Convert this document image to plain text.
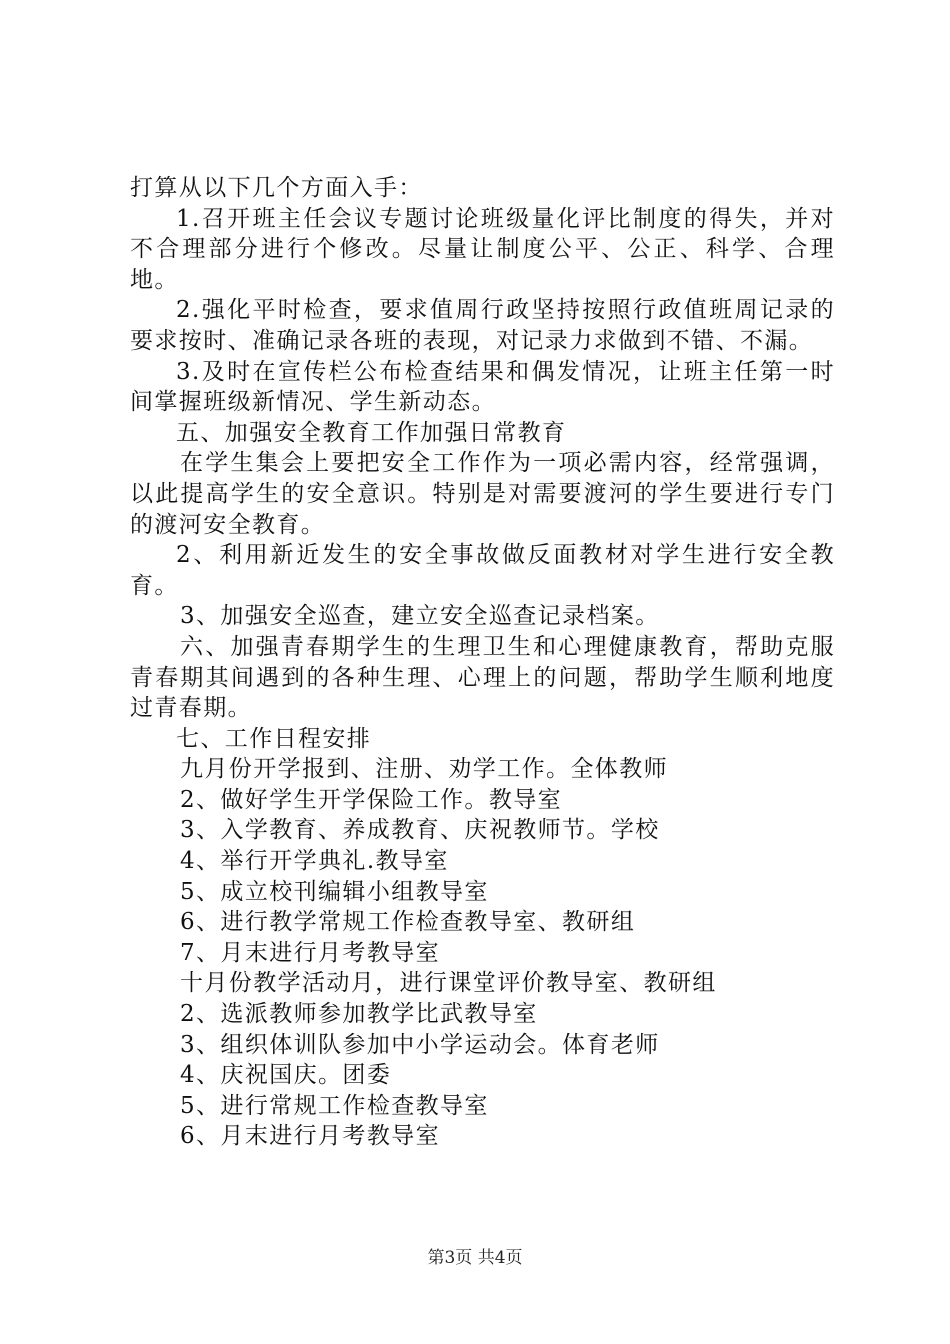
打算从以下几个方面入手：

1.召开班主任会议专题讨论班级量化评比制度的得失，并对不合理部分进行个修改。尽量让制度公平、公正、科学、合理地。

2.强化平时检查，要求值周行政坚持按照行政值班周记录的要求按时、准确记录各班的表现，对记录力求做到不错、不漏。

3.及时在宣传栏公布检查结果和偶发情况，让班主任第一时间掌握班级新情况、学生新动态。

五、加强安全教育工作加强日常教育

在学生集会上要把安全工作作为一项必需内容，经常强调，以此提高学生的安全意识。特别是对需要渡河的学生要进行专门的渡河安全教育。

2、利用新近发生的安全事故做反面教材对学生进行安全教育。

3、加强安全巡查，建立安全巡查记录档案。

六、加强青春期学生的生理卫生和心理健康教育，帮助克服青春期其间遇到的各种生理、心理上的问题，帮助学生顺利地度过青春期。

七、工作日程安排

九月份开学报到、注册、劝学工作。全体教师

2、做好学生开学保险工作。教导室

3、入学教育、养成教育、庆祝教师节。学校

4、举行开学典礼.教导室

5、成立校刊编辑小组教导室

6、进行教学常规工作检查教导室、教研组

7、月末进行月考教导室

十月份教学活动月，进行课堂评价教导室、教研组

2、选派教师参加教学比武教导室

3、组织体训队参加中小学运动会。体育老师

4、庆祝国庆。团委

5、进行常规工作检查教导室

6、月末进行月考教导室

第3页 共4页
